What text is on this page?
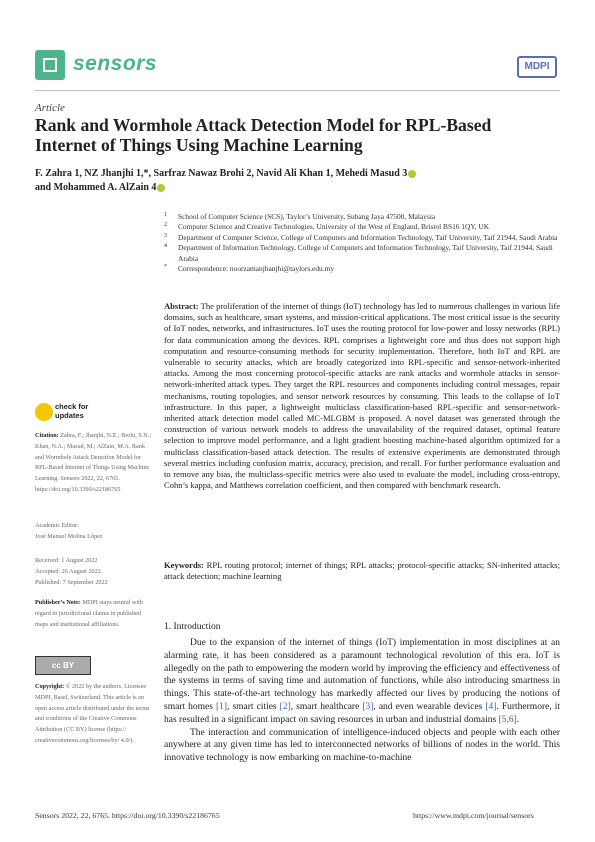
sensors	MDPI
Article
Rank and Wormhole Attack Detection Model for RPL-Based Internet of Things Using Machine Learning
F. Zahra 1, NZ Jhanjhi 1,*, Sarfraz Nawaz Brohi 2, Navid Ali Khan 1, Mehedi Masud 3
and Mohammed A. AlZain 4
1 School of Computer Science (SCS), Taylor’s University, Subang Jaya 47500, Malaysia
2 Computer Science and Creative Technologies, University of the West of England, Bristol BS16 1QY, UK
3 Department of Computer Science, College of Computers and Information Technology, Taif University, Taif 21944, Saudi Arabia
4 Department of Information Technology, College of Computers and Information Technology, Taif University, Taif 21944, Saudi Arabia
* Correspondence: noorzamanjhanjhi@taylors.edu.my
Abstract: The proliferation of the internet of things (IoT) technology has led to numerous challenges in various life domains, such as healthcare, smart systems, and mission-critical applications. The most critical issue is the security of IoT nodes, networks, and infrastructures. IoT uses the routing protocol for low-power and lossy networks (RPL) for data communication among the devices. RPL comprises a lightweight core and thus does not support high computation and resource-consuming methods for security implementation. Therefore, both IoT and RPL are vulnerable to security attacks, which are broadly categorized into RPL-specific and sensor-network-inherited attacks. Among the most concerning protocol-specific attacks are rank attacks and wormhole attacks in sensor-network-inherited attack types. They target the RPL resources and components including control messages, repair mechanisms, routing topologies, and sensor network resources by consuming. This leads to the collapse of IoT infrastructure. In this paper, a lightweight multiclass classification-based RPL-specific and sensor-network-inherited attack detection model called MC-MLGBM is proposed. A novel dataset was generated through the construction of various network models to address the unavailability of the required dataset, optimal feature selection to improve model performance, and a light gradient boosting machine-based algorithm optimized for a multiclass classification-based attack detection. The results of extensive experiments are demonstrated through several metrics including confusion matrix, accuracy, precision, and recall. For further performance evaluation and to remove any bias, the multiclass-specific metrics were also used to evaluate the model, including cross-entropy, Cohn’s kappa, and Matthews correlation coefficient, and then compared with benchmark research.
Keywords: RPL routing protocol; internet of things; RPL attacks; protocol-specific attacks; SN-inherited attacks; attack detection; machine learning
check for
updates
Citation: Zahra, F.; Jhanjhi, N.Z.; Brohi, S.N.; Khan, N.A.; Masud, M.; AlZain, M.A. Rank and Wormhole Attack Detection Model for RPL-Based Internet of Things Using Machine Learning. Sensors 2022, 22, 6765. https://doi.org/10.3390/s22186765
Academic Editor:
José Manuel Molina López
Received: 1 August 2022
Accepted: 26 August 2022
Published: 7 September 2022
Publisher’s Note: MDPI stays neutral with regard to jurisdictional claims in published maps and institutional affiliations.
cc BY
Copyright: © 2022 by the authors. Licensee MDPI, Basel, Switzerland. This article is an open access article distributed under the terms and conditions of the Creative Commons Attribution (CC BY) license (https:// creativecommons.org/licenses/by/ 4.0/).
1. Introduction

Due to the expansion of the internet of things (IoT) implementation in most disciplines at an alarming rate, it has been considered as a paramount technological revolution of this era. IoT is allegedly on the path to empowering the modern world by improving the efficiency and effectiveness of the systems in terms of saving time and automation of functions, while also introducing smartness in things. This state-of-the-art technology has markedly affected our lives by producing the notions of smart homes [1], smart cities [2], smart healthcare [3], and even wearable devices [4]. Furthermore, it has resulted in a significant impact on saving resources in urban and industrial domains [5,6].

The interaction and communication of intelligence-induced objects and people with each other anywhere at any given time has led to interconnected networks of billions of nodes in the world. This innovative technology is now embarking on machine-to-machine

Sensors 2022, 22, 6765. https://doi.org/10.3390/s22186765	https://www.mdpi.com/journal/sensors
